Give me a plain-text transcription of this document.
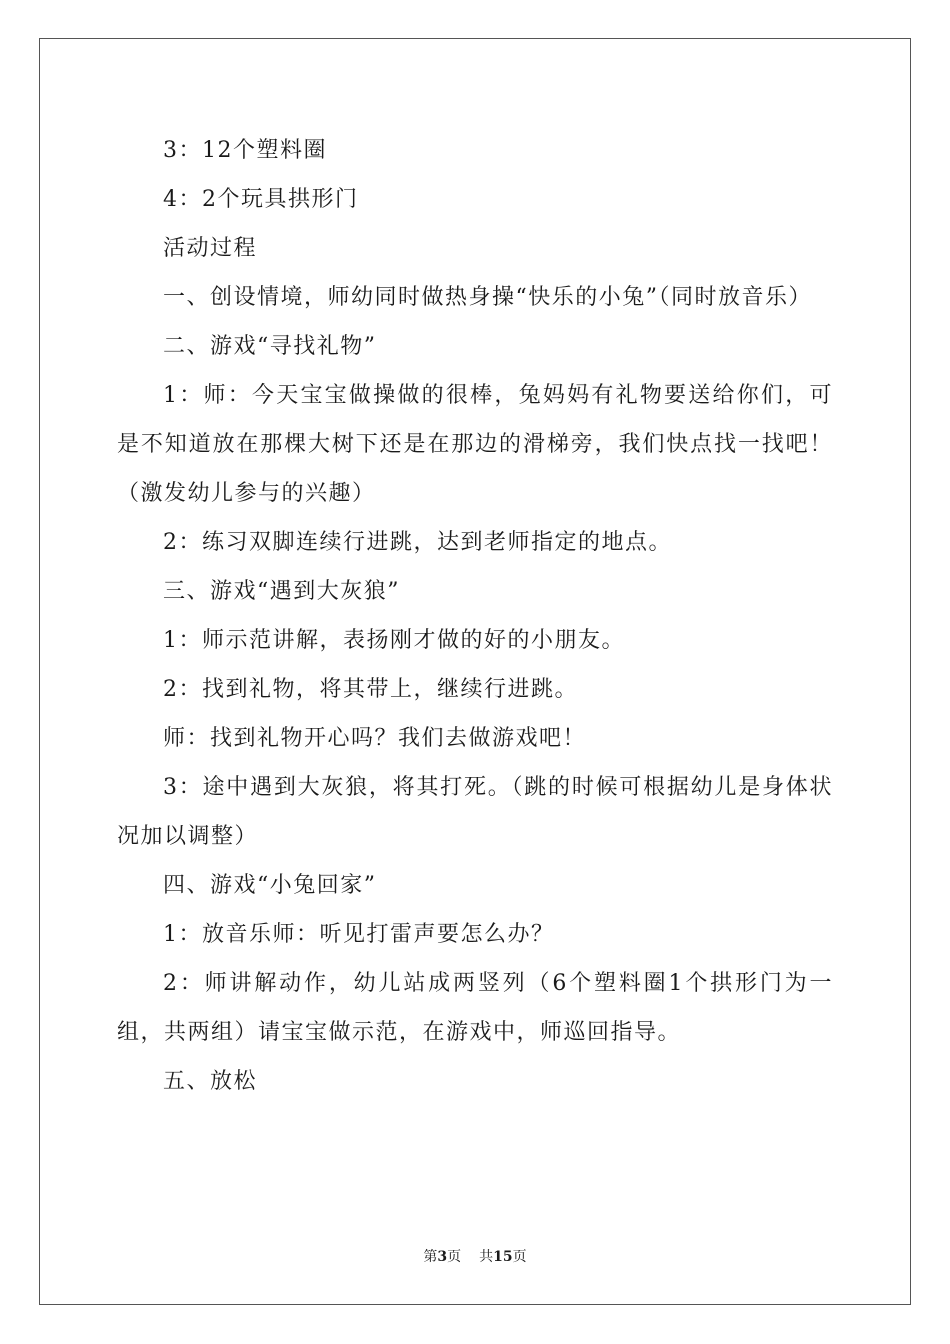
3：12个塑料圈

4：2个玩具拱形门

活动过程

一、创设情境，师幼同时做热身操“快乐的小兔”（同时放音乐）

二、游戏“寻找礼物”

1：师：今天宝宝做操做的很棒，兔妈妈有礼物要送给你们，可是不知道放在那棵大树下还是在那边的滑梯旁，我们快点找一找吧！（激发幼儿参与的兴趣）

2：练习双脚连续行进跳，达到老师指定的地点。

三、游戏“遇到大灰狼”

1：师示范讲解，表扬刚才做的好的小朋友。

2：找到礼物，将其带上，继续行进跳。

师：找到礼物开心吗？我们去做游戏吧！

3：途中遇到大灰狼，将其打死。（跳的时候可根据幼儿是身体状况加以调整）

四、游戏“小兔回家”

1：放音乐师：听见打雷声要怎么办？

2：师讲解动作，幼儿站成两竖列（6个塑料圈1个拱形门为一组，共两组）请宝宝做示范，在游戏中，师巡回指导。

五、放松

第3页 共15页
